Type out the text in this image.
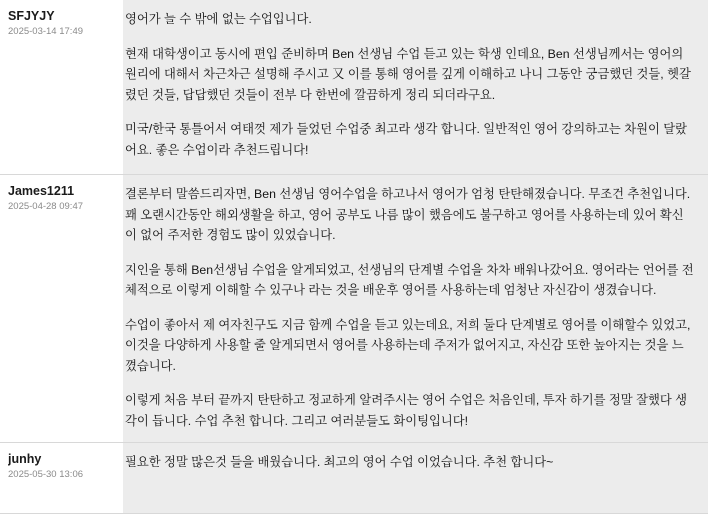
SFJYJY
2025-03-14 17:49

영어가 늘 수 밖에 없는 수업입니다.

현재 대학생이고 동시에 편입 준비하며 Ben 선생님 수업 듣고 있는 학생 인데요, Ben 선생님께서는 영어의 원리에 대해서 차근차근 설명해 주시고 又 이를 통해 영어를 깊게 이해하고 나니 그동안 궁금했던 것들, 헷갈렸던 것들, 답답했던 것들이 전부 다 한번에 깔끔하게 정리 되더라구요.

미국/한국 통틀어서 여태껏 제가 들었던 수업중 최고라 생각 합니다. 일반적인 영어 강의하고는 차원이 달랐어요. 좋은 수업이라 추천드립니다!

James1211
2025-04-28 09:47

결론부터 말씀드리자면, Ben 선생님 영어수업을 하고나서 영어가 엄청 탄탄해졌습니다. 무조건 추천입니다. 꽤 오랜시간동안 해외생활을 하고, 영어 공부도 나름 많이 했음에도 불구하고 영어를 사용하는데 있어 확신이 없어 주저한 경험도 많이 있었습니다.

지인을 통해 Ben선생님 수업을 알게되었고, 선생님의 단계별 수업을 차차 배워나갔어요. 영어라는 언어를 전체적으로 이렇게 이해할 수 있구나 라는 것을 배운후 영어를 사용하는데 엄청난 자신감이 생겼습니다.

수업이 좋아서 제 여자친구도 지금 함께 수업을 듣고 있는데요, 저희 둘다 단계별로 영어를 이해할수 있었고, 이것을 다양하게 사용할 줄 알게되면서 영어를 사용하는데 주저가 없어지고, 자신감 또한 높아지는 것을 느꼈습니다.

이렇게 처음 부터 끝까지 탄탄하고 정교하게 알려주시는 영어 수업은 처음인데, 투자 하기를 정말 잘했다 생각이 듭니다. 수업 추천 합니다. 그리고 여러분들도 화이팅입니다!

junhy
2025-05-30 13:06

필요한 정말 많은것 들을 배웠습니다. 최고의 영어 수업 이었습니다. 추천 합니다~
